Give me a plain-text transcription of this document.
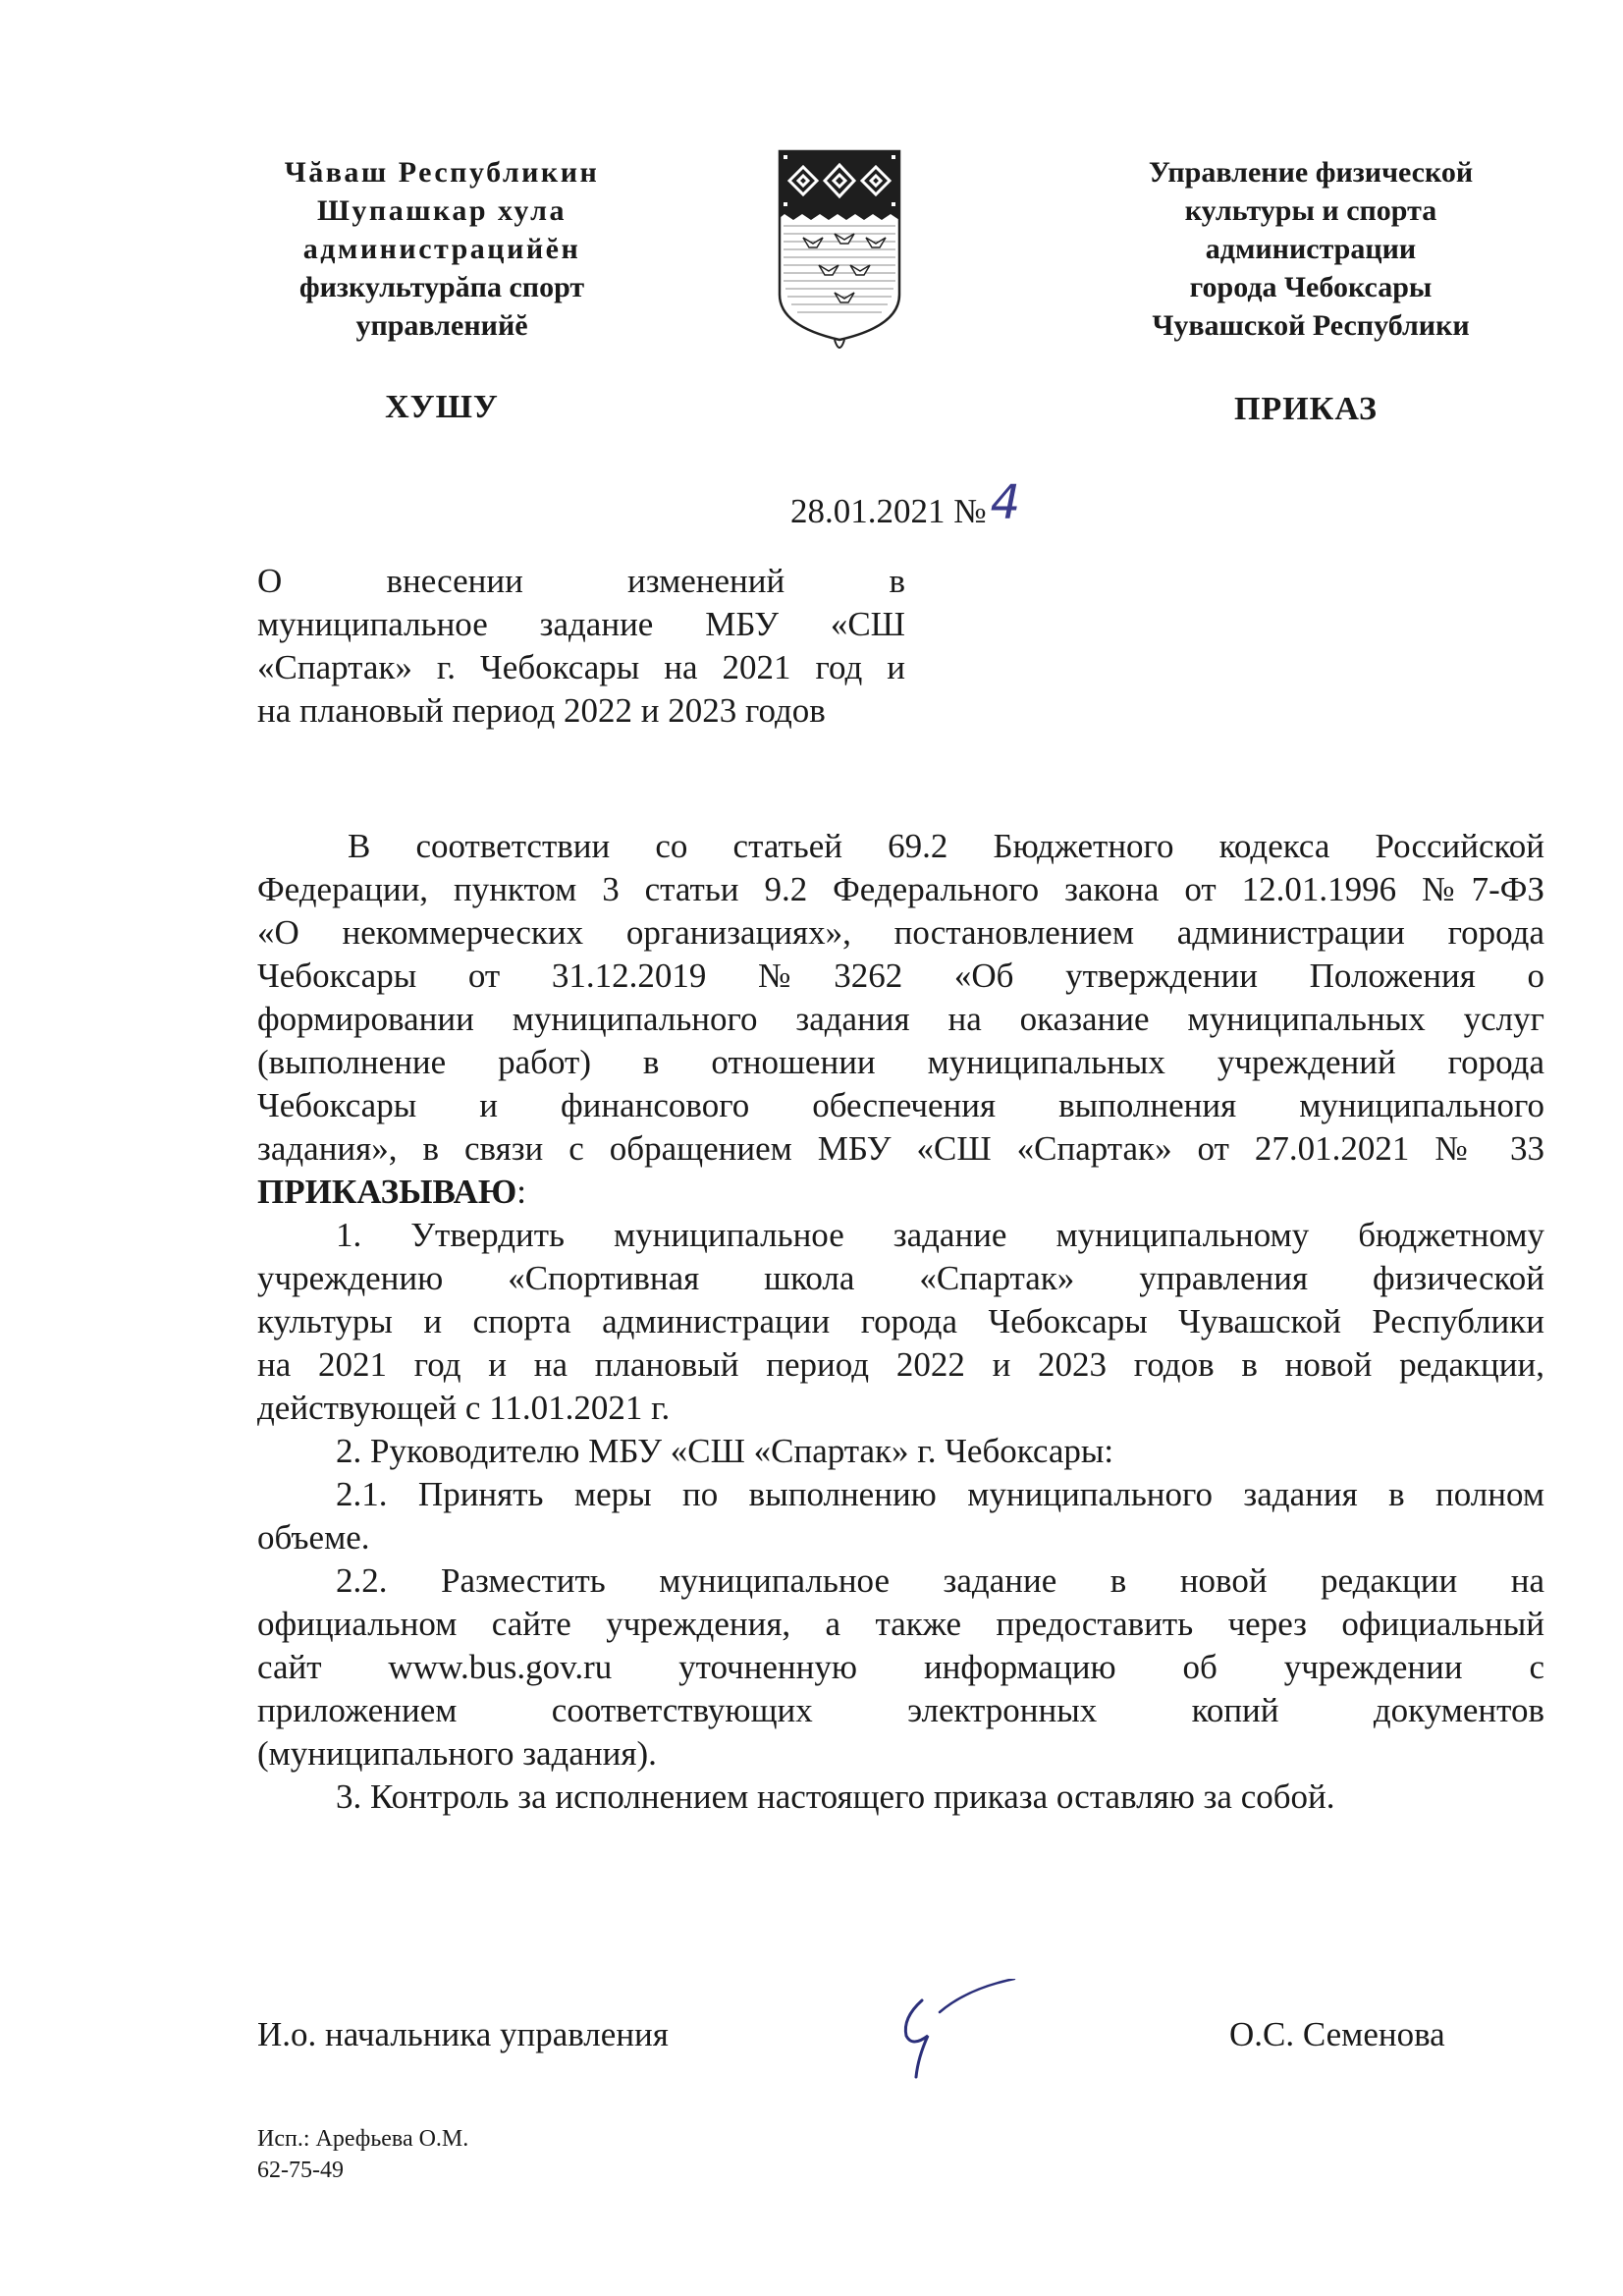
Чăваш Республикин
Шупашкар хула
администрацийĕн
физкультурăпа спорт
управленийĕ
Управление физической
культуры и спорта
администрации
города Чебоксары
Чувашской Республики
ХУШУ	ПРИКАЗ
28.01.2021 №4
О внесении изменений в
муниципальное задание МБУ «СШ
«Спартак» г. Чебоксары на 2021 год и
на плановый период 2022 и 2023 годов
В соответствии со статьей 69.2 Бюджетного кодекса Российской
Федерации, пунктом 3 статьи 9.2 Федерального закона от 12.01.1996 №7-ФЗ
«О некоммерческих организациях», постановлением администрации города
Чебоксары от 31.12.2019 №3262 «Об утверждении Положения о
формировании муниципального задания на оказание муниципальных услуг
(выполнение работ) в отношении муниципальных учреждений города
Чебоксары и финансового обеспечения выполнения муниципального
задания», в связи с обращением МБУ «СШ «Спартак» от 27.01.2021 № 33
ПРИКАЗЫВАЮ:
1. Утвердить муниципальное задание муниципальному бюджетному
учреждению «Спортивная школа «Спартак» управления физической
культуры и спорта администрации города Чебоксары Чувашской Республики
на 2021 год и на плановый период 2022 и 2023 годов в новой редакции,
действующей с 11.01.2021 г.
2. Руководителю МБУ «СШ «Спартак» г. Чебоксары:
2.1. Принять меры по выполнению муниципального задания в полном
объеме.
2.2. Разместить муниципальное задание в новой редакции на
официальном сайте учреждения, а также предоставить через официальный
сайт www.bus.gov.ru уточненную информацию об учреждении с
приложением соответствующих электронных копий документов
(муниципального задания).
3. Контроль за исполнением настоящего приказа оставляю за собой.
И.о. начальника управления	О.С. Семенова
Исп.: Арефьева О.М.
62-75-49
